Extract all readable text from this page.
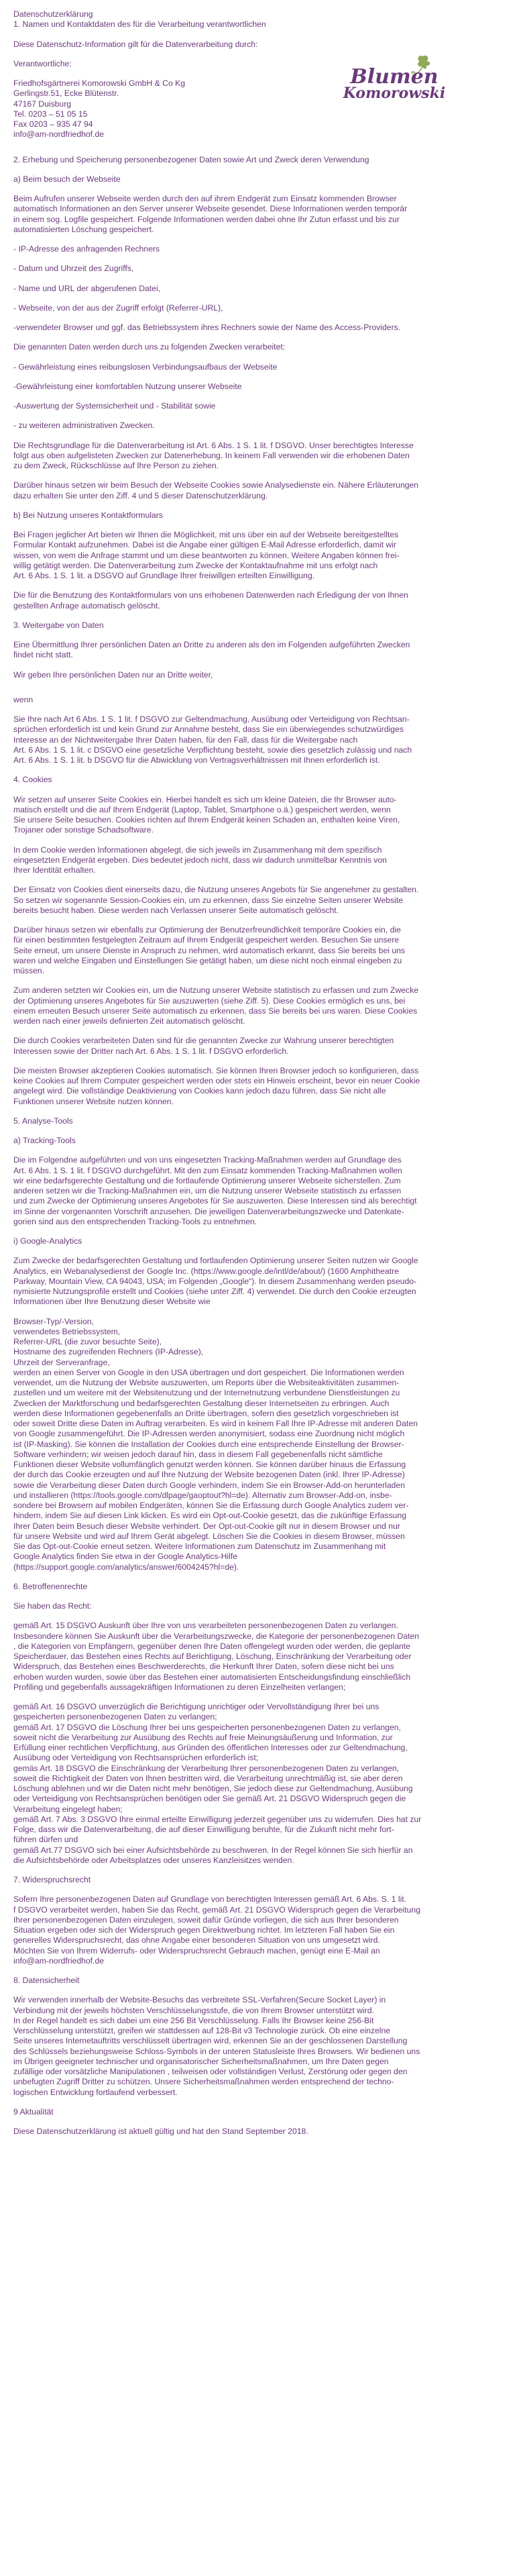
Datenschutzerklärung

1. Namen und Kontaktdaten des für die Verarbeitung verantwortlichen

Diese Datenschutz-Information gilt für die Datenverarbeitung durch:

Verantwortliche:

Friedhofsgärtnerei Komorowski GmbH & Co Kg
Gerlingstr.51, Ecke Blütenstr.
47167 Duisburg
Tel. 0203 – 51 05 15
Fax 0203 – 935 47 94
info@am-nordfriedhof.de

2. Erhebung und Speicherung personenbezogener Daten sowie Art und Zweck deren Verwendung

a) Beim besuch der Webseite

Beim Aufrufen unserer Webseite werden durch den auf ihrem Endgerät zum Einsatz kommenden Browser
automatisch Informationen an den Server unserer Webseite gesendet. Diese Informationen werden temporär
in einem sog. Logfile gespeichert. Folgende Informationen werden dabei ohne Ihr Zutun erfasst und bis zur
automatisierten Löschung gespeichert.

- IP-Adresse des anfragenden Rechners

- Datum und Uhrzeit des Zugriffs,

- Name und URL der abgerufenen Datei,

- Webseite, von der aus der Zugriff erfolgt (Referrer-URL),

-verwendeter Browser und ggf. das Betriebssystem ihres Rechners sowie der Name des Access-Providers.

Die genannten Daten werden durch uns zu folgenden Zwecken verarbeitet:

- Gewährleistung eines reibungslosen Verbindungsaufbaus der Webseite

-Gewährleistung einer komfortablen Nutzung unserer Webseite

-Auswertung der Systemsicherheit und - Stabilität sowie

- zu weiteren administrativen Zwecken.

Die Rechtsgrundlage für die Datenverarbeitung ist Art. 6 Abs. 1 S. 1 lit. f DSGVO. Unser berechtigtes Interesse
folgt aus oben aufgelisteten Zwecken zur Datenerhebung. In keinem Fall verwenden wir die erhobenen Daten
zu dem Zweck, Rückschlüsse auf Ihre Person zu ziehen.

Darüber hinaus setzen wir beim Besuch der Webseite Cookies sowie Analysedienste ein. Nähere Erläuterungen
dazu erhalten Sie unter den Ziff. 4 und 5 dieser Datenschutzerklärung.

b) Bei Nutzung unseres Kontaktformulars

Bei Fragen jeglicher Art bieten wir Ihnen die Möglichkeit, mit uns über ein auf der Webseite bereitgestelltes
Formular Kontakt aufzunehmen. Dabei ist die Angabe einer gültigen E-Mail Adresse erforderlich, damit wir
wissen, von wem die Anfrage stammt und um diese beantworten zu können. Weitere Angaben können frei-
willig getätigt werden. Die Datenverarbeitung zum Zwecke der Kontaktaufnahme mit uns erfolgt nach
Art. 6 Abs. 1 S. 1 lit. a DSGVO auf Grundlage Ihrer freiwillgen erteilten Einwilligung.

Die für die Benutzung des Kontaktformulars von uns erhobenen Datenwerden nach Erledigung der von Ihnen
gestellten Anfrage automatisch gelöscht.

3. Weitergabe von Daten

Eine Übermittlung Ihrer persönlichen Daten an Dritte zu anderen als den im Folgenden aufgeführten Zwecken
findet nicht statt.

Wir geben Ihre persönlichen Daten nur an Dritte weiter,

wenn

Sie Ihre nach Art 6 Abs. 1 S. 1 lit. f DSGVO zur Geltendmachung, Ausübung oder Verteidigung von Rechtsan-
sprüchen erforderlich ist und kein Grund zur Annahme besteht, dass Sie ein überwiegendes schutzwürdiges
Interesse an der Nichtweitergabe Ihrer Daten haben, für den Fall, dass für die Weitergabe nach
Art. 6 Abs. 1 S. 1 lit. c DSGVO eine gesetzliche Verpflichtung besteht, sowie dies gesetzlich zulässig und nach
Art. 6 Abs. 1 S. 1 lit. b DSGVO für die Abwicklung von Vertragsverhältnissen mit Ihnen erforderlich ist.

4. Cookies

Wir setzen auf unserer Seite Cookies ein. Hierbei handelt es sich um kleine Dateien, die Ihr Browser auto-
matisch erstellt und die auf Ihrem Endgerät (Laptop, Tablet, Smartphone o.ä.) gespeichert werden, wenn
Sie unsere Seite besuchen. Cookies richten auf Ihrem Endgerät keinen Schaden an, enthalten keine Viren,
Trojaner oder sonstige Schadsoftware.

In dem Cookie werden Informationen abgelegt, die sich jeweils im Zusammenhang mit dem spezifisch
eingesetzten Endgerät ergeben. Dies bedeutet jedoch nicht, dass wir dadurch unmittelbar Kenntnis von
Ihrer Identität erhalten.

Der Einsatz von Cookies dient einerseits dazu, die Nutzung unseres Angebots für Sie angenehmer zu gestalten.
So setzen wir sogenannte Session-Cookies ein, um zu erkennen, dass Sie einzelne Seiten unserer Website
bereits besucht haben. Diese werden nach Verlassen unserer Seite automatisch gelöscht.

Darüber hinaus setzen wir ebenfalls zur Optimierung der Benutzerfreundlichkeit temporäre Cookies ein, die
für einen bestimmten festgelegten Zeitraum auf Ihrem Endgerät gespeichert werden. Besuchen Sie unsere
Seite erneut, um unsere Dienste in Anspruch zu nehmen, wird automatisch erkannt, dass Sie bereits bei uns
waren und welche Eingaben und Einstellungen Sie getätigt haben, um diese nicht noch einmal eingeben zu
müssen.

Zum anderen setzten wir Cookies ein, um die Nutzung unserer Website statistisch zu erfassen und zum Zwecke
der Optimierung unseres Angebotes für Sie auszuwerten (siehe Ziff. 5). Diese Cookies ermöglich es uns, bei
einem erneuten Besuch unserer Seite automatisch zu erkennen, dass Sie bereits bei uns waren. Diese Cookies
werden nach einer jeweils definierten Zeit automatisch gelöscht.

Die durch Cookies verarbeiteten Daten sind für die genannten Zwecke zur Wahrung unserer berechtigten
Interessen sowie der Dritter nach Art. 6 Abs. 1 S. 1 lit. f DSGVO erforderlich.

Die meisten Browser akzeptieren Cookies automatisch. Sie können Ihren Browser jedoch so konfigurieren, dass
keine Cookies auf Ihrem Computer gespeichert werden oder stets ein Hinweis erscheint, bevor ein neuer Cookie
angelegt wird. Die vollständige Deaktivierung von Cookies kann jedoch dazu führen, dass Sie nicht alle
Funktionen unserer Website nutzen können.

5. Analyse-Tools

a) Tracking-Tools

Die im Folgendne aufgeführten und von uns eingesetzten Tracking-Maßnahmen werden auf Grundlage des
Art. 6 Abs. 1 S. 1 lit. f DSGVO durchgeführt. Mit den zum Einsatz kommenden Tracking-Maßnahmen wollen
wir eine bedarfsgerechte Gestaltung und die fortlaufende Optimierung unserer Webseite sicherstellen. Zum
anderen setzen wir die Tracking-Maßnahmen ein, um die Nutzung unserer Webseite statistisch zu erfassen
und zum Zwecke der Optimierung unseres Angebotes für Sie auszuwerten. Diese Interessen sind als berechtigt
im Sinne der vorgenannten Vorschrift anzusehen. Die jeweiligen Datenverarbeitungszwecke und Datenkate-
gorien sind aus den entsprechenden Tracking-Tools zu entnehmen.

i) Google-Analytics

Zum Zwecke der bedarfsgerechten Gestaltung und fortlaufenden Optimierung unserer Seiten nutzen wir Google
Analytics, ein Webanalysedienst der Google Inc. (https://www.google.de/intl/de/about/) (1600 Amphitheatre
Parkway, Mountain View, CA 94043, USA; im Folgenden „Google“). In diesem Zusammenhang werden pseudo-
nymisierte Nutzungsprofile erstellt und Cookies (siehe unter Ziff. 4) verwendet. Die durch den Cookie erzeugten
Informationen über Ihre Benutzung dieser Website wie

Browser-Typ/-Version,
verwendetes Betriebssystem,
Referrer-URL (die zuvor besuchte Seite),
Hostname des zugreifenden Rechners (IP-Adresse),
Uhrzeit der Serveranfrage,
werden an einen Server von Google in den USA übertragen und dort gespeichert. Die Informationen werden
verwendet, um die Nutzung der Website auszuwerten, um Reports über die Websiteaktivitäten zusammen-
zustellen und um weitere mit der Websitenutzung und der Internetnutzung verbundene Dienstleistungen zu
Zwecken der Marktforschung und bedarfsgerechten Gestaltung dieser Internetseiten zu erbringen. Auch
werden diese Informationen gegebenenfalls an Dritte übertragen, sofern dies gesetzlich vorgeschrieben ist
oder soweit Dritte diese Daten im Auftrag verarbeiten. Es wird in keinem Fall Ihre IP-Adresse mit anderen Daten
von Google zusammengeführt. Die IP-Adressen werden anonymisiert, sodass eine Zuordnung nicht möglich
ist (IP-Masking). Sie können die Installation der Cookies durch eine entsprechende Einstellung der Browser-
Software verhindern; wir weisen jedoch darauf hin, dass in diesem Fall gegebenenfalls nicht sämtliche
Funktionen dieser Website vollumfänglich genutzt werden können. Sie können darüber hinaus die Erfassung
der durch das Cookie erzeugten und auf Ihre Nutzung der Website bezogenen Daten (inkl. Ihrer IP-Adresse)
sowie die Verarbeitung dieser Daten durch Google verhindern, indem Sie ein Browser-Add-on herunterladen
und installieren (https://tools.google.com/dlpage/gaoptout?hl=de). Alternativ zum Browser-Add-on, insbe-
sondere bei Browsern auf mobilen Endgeräten, können Sie die Erfassung durch Google Analytics zudem ver-
hindern, indem Sie auf diesen Link klicken. Es wird ein Opt-out-Cookie gesetzt, das die zukünftige Erfassung
Ihrer Daten beim Besuch dieser Website verhindert. Der Opt-out-Cookie gilt nur in diesem Browser und nur
für unsere Website und wird auf Ihrem Gerät abgelegt. Löschen Sie die Cookies in diesem Browser, müssen
Sie das Opt-out-Cookie erneut setzen. Weitere Informationen zum Datenschutz im Zusammenhang mit
Google Analytics finden Sie etwa in der Google Analytics-Hilfe
(https://support.google.com/analytics/answer/6004245?hl=de).

6. Betroffenenrechte

Sie haben das Recht:

gemäß Art. 15 DSGVO Auskunft über Ihre von uns verarbeiteten personenbezogenen Daten zu verlangen.
Insbesondere können Sie Auskunft über die Verarbeitungszwecke, die Kategorie der personenbezogenen Daten
, die Kategorien von Empfängern, gegenüber denen Ihre Daten offengelegt wurden oder werden, die geplante
Speicherdauer, das Bestehen eines Rechts auf Berichtigung, Löschung, Einschränkung der Verarbeitung oder
Widerspruch, das Bestehen eines Beschwerderechts, die Herkunft Ihrer Daten, sofern diese nicht bei uns
erhoben wurden wurden, sowie über das Bestehen einer automatisierten Entscheidungsfindung einschließlich
Profiling und gegebenfalls aussagekräftigen Informationen zu deren Einzelheiten verlangen;

gemäß Art. 16 DSGVO unverzüglich die Berichtigung unrichtiger oder Vervollständigung Ihrer bei uns
gespeicherten personenbezogenen Daten zu verlangen;
gemäß Art. 17 DSGVO die Löschung Ihrer bei uns gespeicherten personenbezogenen Daten zu verlangen,
soweit nicht die Verarbeitung zur Ausübung des Rechts auf freie Meinungsäußerung und Information, zur
Erfüllung einer rechtlichen Verpflichtung, aus Gründen des öffentlichen Interesses oder zur Geltendmachung,
Ausübung oder Verteidigung von Rechtsansprüchen erforderlich ist;
gemäs Art. 18 DSGVO die Einschränkung der Verarbeitung Ihrer personenbezogenen Daten zu verlangen,
soweit die Richtigkeit der Daten von Ihnen bestritten wird, die Verarbeitung unrechtmäßig ist, sie aber deren
Löschung ablehnen und wir die Daten nicht mehr benötigen, Sie jedoch diese zur Geltendmachung, Ausübung
oder Verteidigung von Rechtsansprüchen benötigen oder Sie gemäß Art. 21 DSGVO Widerspruch gegen die
Verarbeitung eingelegt haben;
gemäß Art. 7 Abs. 3 DSGVO Ihre einmal erteilte Einwilligung jederzeit gegenüber uns zu widerrufen. Dies hat zur
Folge, dass wir die Datenverarbeitung, die auf dieser Einwilligung beruhte, für die Zukunft nicht mehr fort-
führen dürfen und
gemäß Art.77 DSGVO sich bei einer Aufsichtsbehörde zu beschweren. In der Regel können Sie sich hierfür an
die Aufsichtsbehörde oder Arbeitsplatzes oder unseres Kanzleisitzes wenden.

7. Widerspruchsrecht

Sofern Ihre personenbezogenen Daten auf Grundlage von berechtigten Interessen gemäß Art. 6 Abs. S. 1 lit.
f DSGVO verarbeitet werden, haben Sie das Recht, gemäß Art. 21 DSGVO Widerspruch gegen die Verarbeitung
Ihrer personenbezogenen Daten einzulegen, soweit dafür Gründe vorliegen, die sich aus Ihrer besonderen
Situation ergeben oder sich der Widerspruch gegen Direktwerbung richtet. Im letzteren Fall haben Sie ein
generelles Widerspruchsrecht, das ohne Angabe einer besonderen Situation von uns umgesetzt wird.
Möchten Sie von Ihrem Widerrufs- oder Widerspruchsrecht Gebrauch machen, genügt eine E-Mail an
info@am-nordfriedhof.de

8. Datensicherheit

Wir verwenden innerhalb der Website-Besuchs das verbreitete SSL-Verfahren(Secure Socket Layer) in
Verbindung mit der jeweils höchsten Verschlüsselungsstufe, die von Ihrem Browser unterstützt wird.
In der Regel handelt es sich dabei um eine 256 Bit Verschlüsselung. Falls Ihr Browser keine 256-Bit
Verschlüsselung unterstützt, greifen wir stattdessen auf 128-Bit v3 Technologie zurück. Ob eine einzelne
Seite unseres Internetauftritts verschlüsselt übertragen wird, erkennen Sie an der geschlossenen Darstellung
des Schlüssels beziehungsweise Schloss-Symbols in der unteren Statusleiste Ihres Browsers. Wir bedienen uns
im Übrigen geeigneter technischer und organisatorischer Sicherheitsmaßnahmen, um Ihre Daten gegen
zufällige oder vorsätzliche Manipulationen , teilweisen oder vollständigen Verlust, Zerstörung oder gegen den
unbefugten Zugriff Dritter zu schützen. Unsere Sicherheitsmaßnahmen werden entsprechend der techno-
logischen Entwicklung fortlaufend verbessert.

9 Aktualität

Diese Datenschutzerklärung ist aktuell gültig und hat den Stand September 2018.

Blumen
Komorowski
